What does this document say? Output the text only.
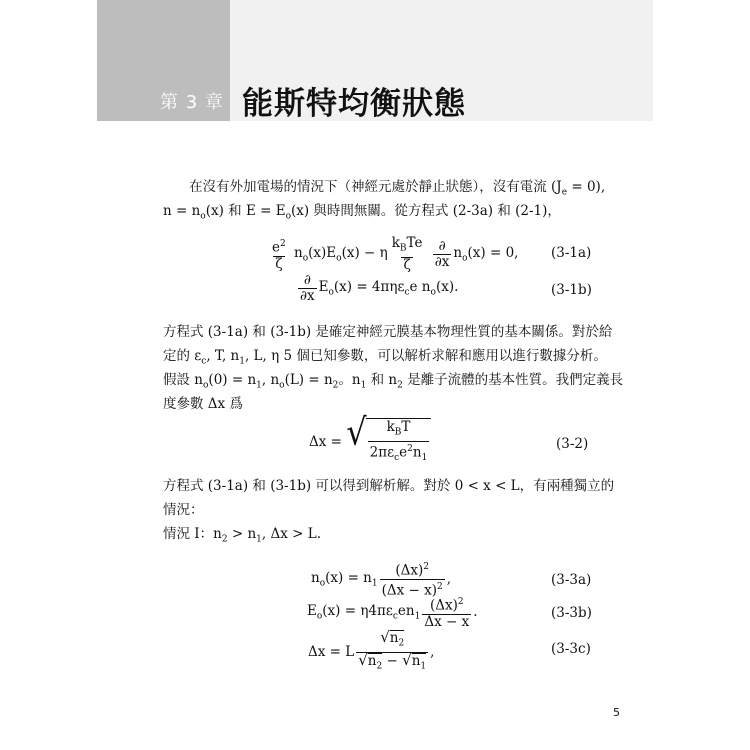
第 3 章 能斯特均衡狀態
在沒有外加電場的情況下（神經元處於靜止狀態），沒有電流 $(J_e = 0)$,
$n = n_o(x)$ 和 $E = E_o(x)$ 與時間無關。從方程式 (2-3a) 和 (2-1)，
$\frac{e^2}{\zeta} n_o(x)E_o(x) - \eta \frac{k_BTe}{\zeta}$
$\frac{\partial}{\partial x} n_o(x) = 0$, (3-1a)
$\frac{\partial}{\partial x} E_o(x) = 4\pi\eta\varepsilon_ce$ $n_o(x)$.	(3-1b)
方程式 (3-1a) 和 (3-1b) 是確定神經元膜基本物理性質的基本關係。對於給
定的 $\varepsilon_c$, T, $n_1$, L, η 5 個已知參數，可以解析求解和應用以進行數據分析。
假設 $n_o(0) = n_1$, $n_o(L) = n_2$。$n_1$ 和 $n_2$ 是離子流體的基本性質。我們定義長
度參數 Δx 爲
Δx = √ $\frac{k_BT}{2\pi\varepsilon_ce^2n_1}$	(3-2)
方程式 (3-1a) 和 (3-1b) 可以得到解析解。對於 0 < x < L，有兩種獨立的
情況：
情況 I：$n_2 > n_1$, Δx > L.
$n_o(x) = n_1 \frac{(\Delta x)^2}{(\Delta x - x)^2}$ ,	(3-3a)
$E_o(x) = \eta 4\pi\varepsilon_cen_1 \frac{(\Delta x)^2}{\Delta x - x}$ .	(3-3b)
Δx = L $\frac{√ n_2}{√ n_2 - √ n_1}$ ,	(3-3c)
5
